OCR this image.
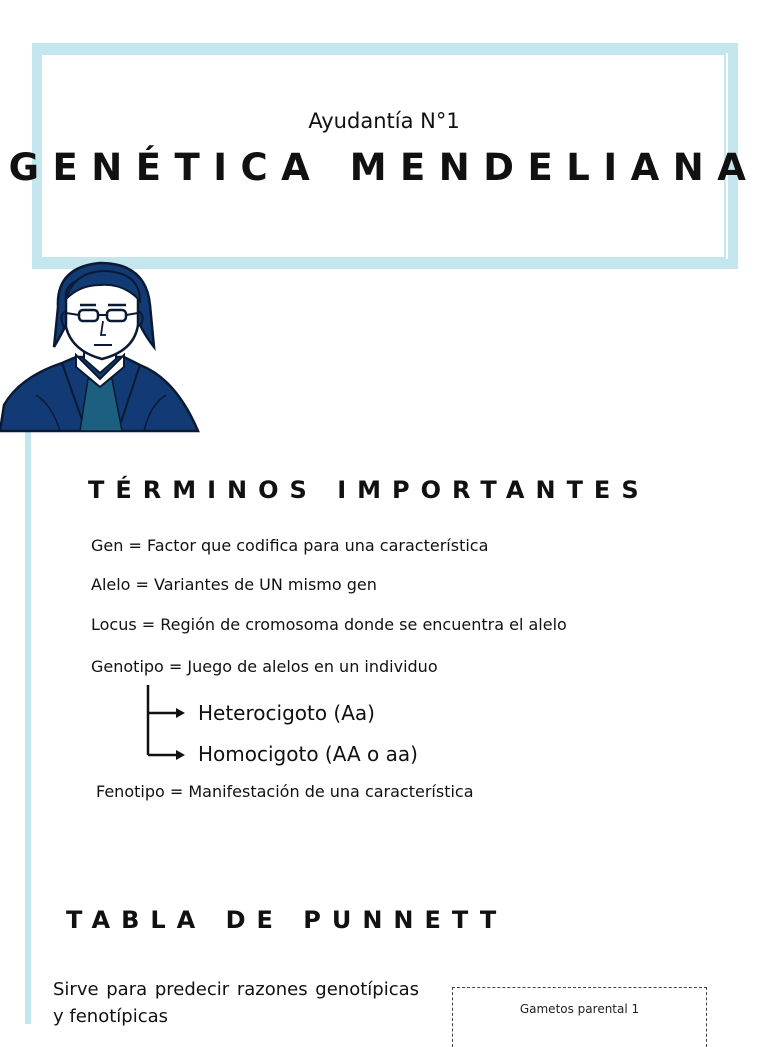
Ayudantía N°1
GENÉTICA MENDELIANA
TÉRMINOS IMPORTANTES
Gen = Factor que codifica para una característica
Alelo = Variantes de UN mismo gen
Locus = Región de cromosoma donde se encuentra el alelo
Genotipo = Juego de alelos en un individuo
Heterocigoto (Aa)
Homocigoto (AA o aa)
Fenotipo = Manifestación de una característica
TABLA DE PUNNETT
Sirve para predecir razones genotípicas y fenotípicas	Gametos parental 1
